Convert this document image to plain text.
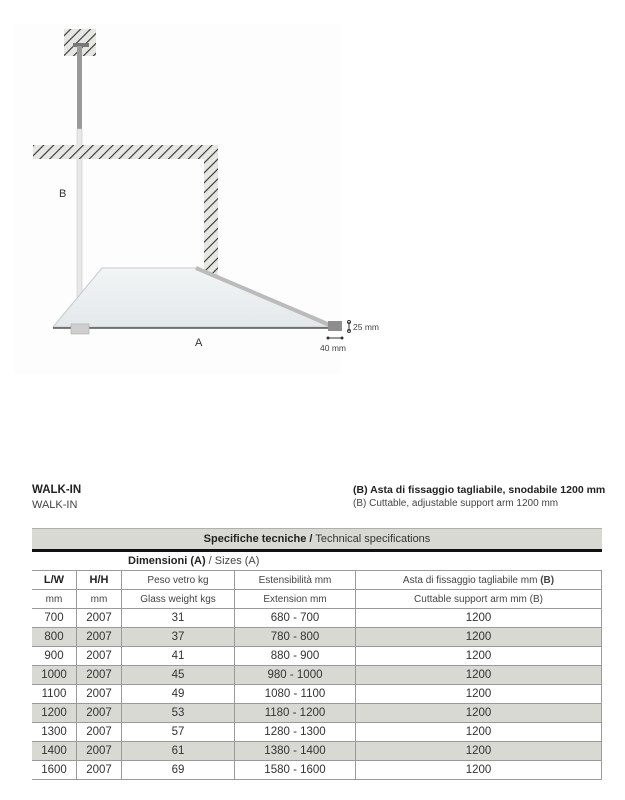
B
A
25 mm
40 mm
WALK-IN
WALK-IN
(B) Asta di fissaggio tagliabile, snodabile 1200 mm
(B) Cuttable, adjustable support arm 1200 mm
Specifiche tecniche / Technical specifications
Dimensioni (A) / Sizes (A)
L/W	H/H	Peso vetro kg	Estensibilità mm	Asta di fissaggio tagliabile mm (B)
mm	mm	Glass weight kgs	Extension mm	Cuttable support arm mm (B)
700	2007	31	680 - 700	1200
800	2007	37	780 - 800	1200
900	2007	41	880 - 900	1200
1000	2007	45	980 - 1000	1200
1100	2007	49	1080 - 1100	1200
1200	2007	53	1180 - 1200	1200
1300	2007	57	1280 - 1300	1200
1400	2007	61	1380 - 1400	1200
1600	2007	69	1580 - 1600	1200
